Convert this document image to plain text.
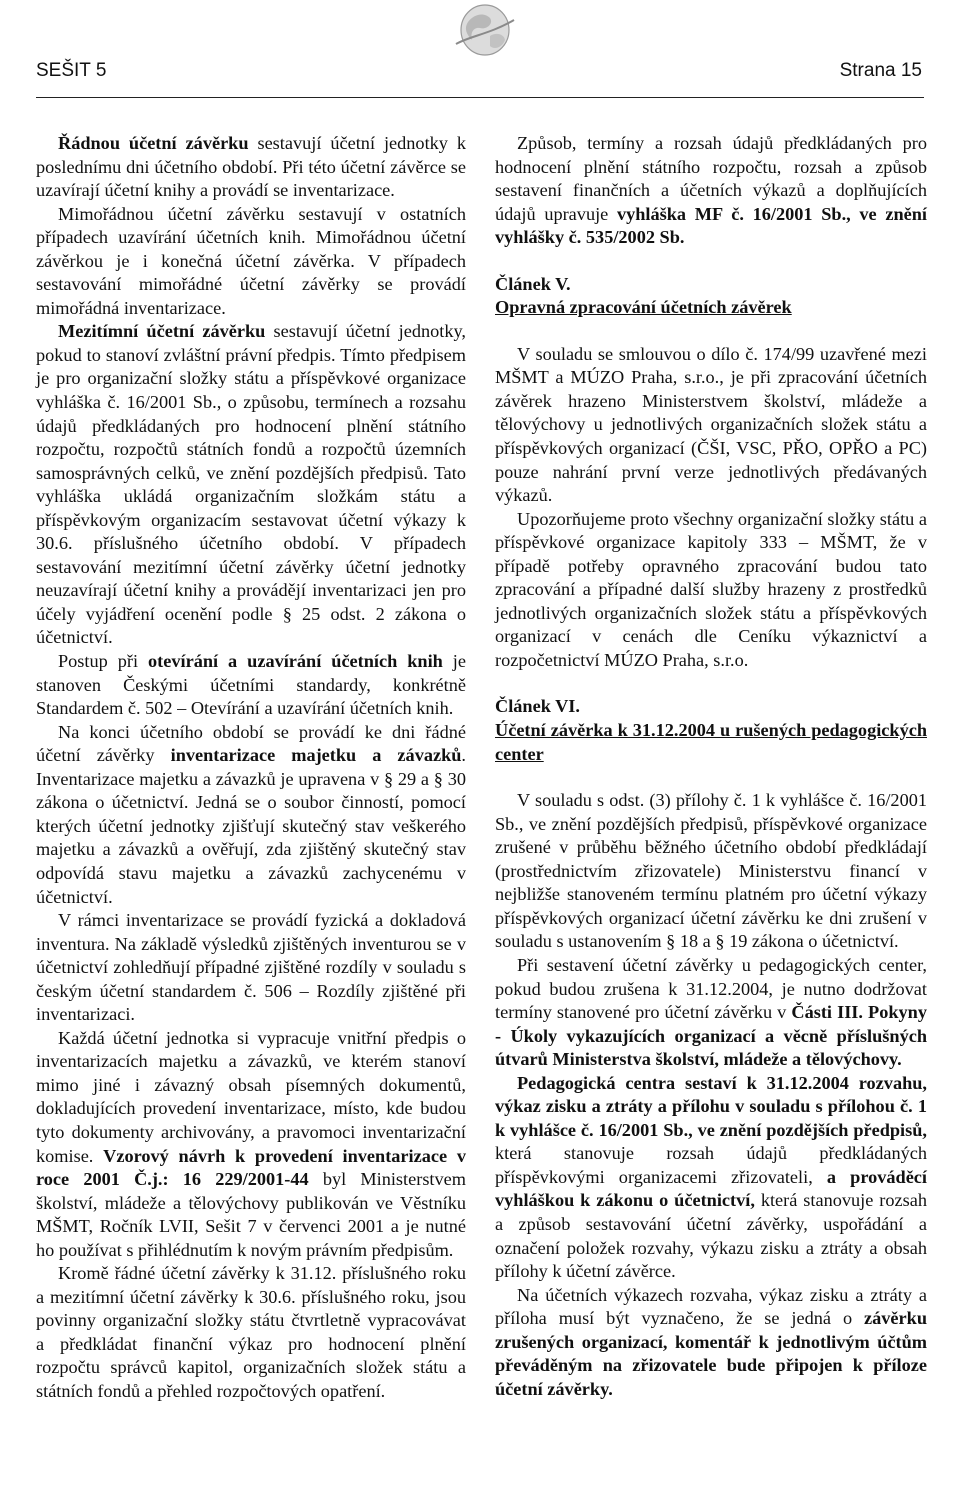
SEŠIT 5	Strana 15

Řádnou účetní závěrku sestavují účetní jednotky k poslednímu dni účetního období. Při této účetní závěrce se uzavírají účetní knihy a provádí se inventarizace.

Mimořádnou účetní závěrku sestavují v ostatních případech uzavírání účetních knih. Mimořádnou účetní závěrkou je i konečná účetní závěrka. V případech sestavování mimořádné účetní závěrky se provádí mimořádná inventarizace.

Mezitímní účetní závěrku sestavují účetní jednotky, pokud to stanoví zvláštní právní předpis. Tímto předpisem je pro organizační složky státu a příspěvkové organizace vyhláška č. 16/2001 Sb., o způsobu, termínech a rozsahu údajů předkládaných pro hodnocení plnění státního rozpočtu, rozpočtů státních fondů a rozpočtů územních samosprávných celků, ve znění pozdějších předpisů. Tato vyhláška ukládá organizačním složkám státu a příspěvkovým organizacím sestavovat účetní výkazy k 30.6. příslušného účetního období. V případech sestavování mezitímní účetní závěrky účetní jednotky neuzavírají účetní knihy a provádějí inventarizaci jen pro účely vyjádření ocenění podle § 25 odst. 2 zákona o účetnictví.

Postup při otevírání a uzavírání účetních knih je stanoven Českými účetními standardy, konkrétně Standardem č. 502 – Otevírání a uzavírání účetních knih.

Na konci účetního období se provádí ke dni řádné účetní závěrky inventarizace majetku a závazků. Inventarizace majetku a závazků je upravena v § 29 a § 30 zákona o účetnictví. Jedná se o soubor činností, pomocí kterých účetní jednotky zjišťují skutečný stav veškerého majetku a závazků a ověřují, zda zjištěný skutečný stav odpovídá stavu majetku a závazků zachycenému v účetnictví.

V rámci inventarizace se provádí fyzická a dokladová inventura. Na základě výsledků zjištěných inventurou se v účetnictví zohledňují případné zjištěné rozdíly v souladu s českým účetní standardem č. 506 – Rozdíly zjištěné při inventarizaci.

Každá účetní jednotka si vypracuje vnitřní předpis o inventarizacích majetku a závazků, ve kterém stanoví mimo jiné i závazný obsah písemných dokumentů, dokladujících provedení inventarizace, místo, kde budou tyto dokumenty archivovány, a pravomoci inventarizační komise. Vzorový návrh k provedení inventarizace v roce 2001 Č.j.: 16 229/2001-44 byl Ministerstvem školství, mládeže a tělovýchovy publikován ve Věstníku MŠMT, Ročník LVII, Sešit 7 v červenci 2001 a je nutné ho používat s přihlédnutím k novým právním předpisům.

Kromě řádné účetní závěrky k 31.12. příslušného roku a mezitímní účetní závěrky k 30.6. příslušného roku, jsou povinny organizační složky státu čtvrtletně vypracovávat a předkládat finanční výkaz pro hodnocení plnění rozpočtu správců kapitol, organizačních složek státu a státních fondů a přehled rozpočtových opatření.

Způsob, termíny a rozsah údajů předkládaných pro hodnocení plnění státního rozpočtu, rozsah a způsob sestavení finančních a účetních výkazů a doplňujících údajů upravuje vyhláška MF č. 16/2001 Sb., ve znění vyhlášky č. 535/2002 Sb.

Článek V.
Opravná zpracování účetních závěrek

V souladu se smlouvou o dílo č. 174/99 uzavřené mezi MŠMT a MÚZO Praha, s.r.o., je při zpracování účetních závěrek hrazeno Ministerstvem školství, mládeže a tělovýchovy u jednotlivých organizačních složek státu a příspěvkových organizací (ČŠI, VSC, PŘO, OPŘO a PC) pouze nahrání první verze jednotlivých předávaných výkazů.

Upozorňujeme proto všechny organizační složky státu a příspěvkové organizace kapitoly 333 – MŠMT, že v případě potřeby opravného zpracování budou tato zpracování a případné další služby hrazeny z prostředků jednotlivých organizačních složek státu a příspěvkových organizací v cenách dle Ceníku výkaznictví a rozpočetnictví MÚZO Praha, s.r.o.

Článek VI.
Účetní závěrka k 31.12.2004 u rušených pedagogických center

V souladu s odst. (3) přílohy č. 1 k vyhlášce č. 16/2001 Sb., ve znění pozdějších předpisů, příspěvkové organizace zrušené v průběhu běžného účetního období předkládají (prostřednictvím zřizovatele) Ministerstvu financí v nejbližše stanoveném termínu platném pro účetní výkazy příspěvkových organizací účetní závěrku ke dni zrušení v souladu s ustanovením § 18 a § 19 zákona o účetnictví.

Při sestavení účetní závěrky u pedagogických center, pokud budou zrušena k 31.12.2004, je nutno dodržovat termíny stanovené pro účetní závěrku v Části III. Pokyny - Úkoly vykazujících organizací a věcně příslušných útvarů Ministerstva školství, mládeže a tělovýchovy.

Pedagogická centra sestaví k 31.12.2004 rozvahu, výkaz zisku a ztráty a přílohu v souladu s přílohou č. 1 k vyhlášce č. 16/2001 Sb., ve znění pozdějších předpisů, která stanovuje rozsah údajů předkládaných příspěvkovými organizacemi zřizovateli, a prováděcí vyhláškou k zákonu o účetnictví, která stanovuje rozsah a způsob sestavování účetní závěrky, uspořádání a označení položek rozvahy, výkazu zisku a ztráty a obsah přílohy k účetní závěrce.

Na účetních výkazech rozvaha, výkaz zisku a ztráty a příloha musí být vyznačeno, že se jedná o závěrku zrušených organizací, komentář k jednotlivým účtům převáděným na zřizovatele bude připojen k příloze účetní závěrky.
